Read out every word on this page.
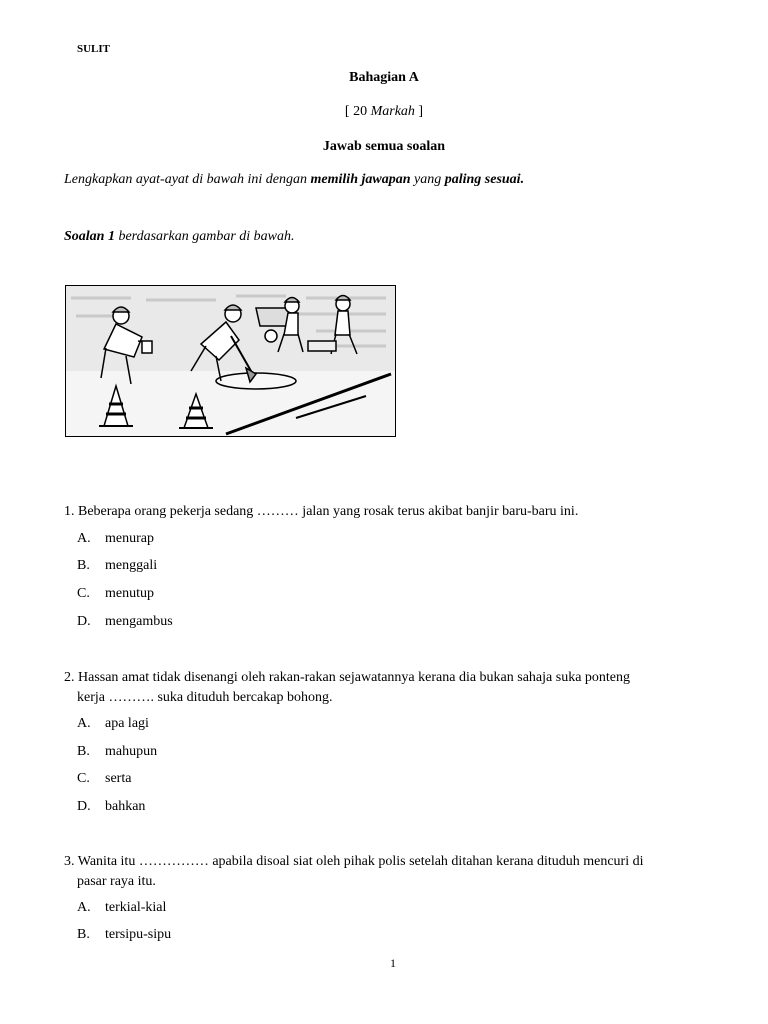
SULIT
Bahagian A
[ 20 Markah ]
Jawab semua soalan
Lengkapkan ayat-ayat di bawah ini dengan memilih jawapan yang paling sesuai.
Soalan 1 berdasarkan gambar di bawah.
1. Beberapa orang pekerja sedang ……… jalan yang rosak terus akibat banjir baru-baru ini.
A. menurap
B. menggali
C. menutup
D. mengambus
2. Hassan amat tidak disenangi oleh rakan-rakan sejawatannya kerana dia bukan sahaja suka ponteng
kerja ………. suka dituduh bercakap bohong.
A. apa lagi
B. mahupun
C. serta
D. bahkan
3. Wanita itu …………… apabila disoal siat oleh pihak polis setelah ditahan kerana dituduh mencuri di
pasar raya itu.
A. terkial-kial
B. tersipu-sipu
1
